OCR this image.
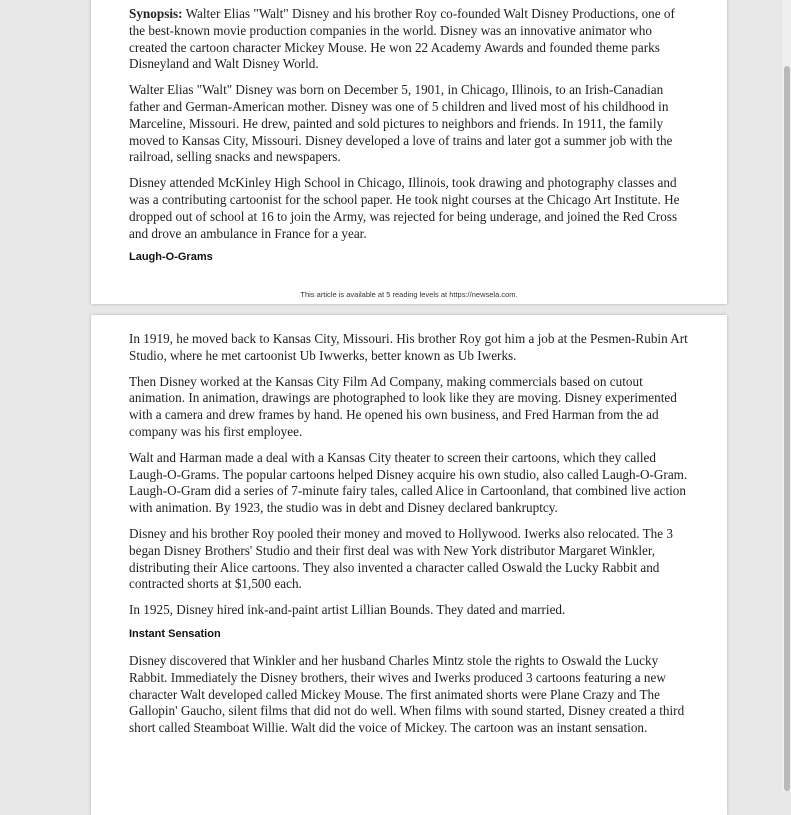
Synopsis: Walter Elias "Walt" Disney and his brother Roy co-founded Walt Disney Productions, one of the best-known movie production companies in the world. Disney was an innovative animator who created the cartoon character Mickey Mouse. He won 22 Academy Awards and founded theme parks Disneyland and Walt Disney World.

Walter Elias "Walt" Disney was born on December 5, 1901, in Chicago, Illinois, to an Irish-Canadian father and German-American mother. Disney was one of 5 children and lived most of his childhood in Marceline, Missouri. He drew, painted and sold pictures to neighbors and friends. In 1911, the family moved to Kansas City, Missouri. Disney developed a love of trains and later got a summer job with the railroad, selling snacks and newspapers.

Disney attended McKinley High School in Chicago, Illinois, took drawing and photography classes and was a contributing cartoonist for the school paper. He took night courses at the Chicago Art Institute. He dropped out of school at 16 to join the Army, was rejected for being underage, and joined the Red Cross and drove an ambulance in France for a year.

Laugh-O-Grams
This article is available at 5 reading levels at https://newsela.com.

In 1919, he moved back to Kansas City, Missouri. His brother Roy got him a job at the Pesmen-Rubin Art Studio, where he met cartoonist Ub Iwwerks, better known as Ub Iwerks.

Then Disney worked at the Kansas City Film Ad Company, making commercials based on cutout animation. In animation, drawings are photographed to look like they are moving. Disney experimented with a camera and drew frames by hand. He opened his own business, and Fred Harman from the ad company was his first employee.

Walt and Harman made a deal with a Kansas City theater to screen their cartoons, which they called Laugh-O-Grams. The popular cartoons helped Disney acquire his own studio, also called Laugh-O-Gram. Laugh-O-Gram did a series of 7-minute fairy tales, called Alice in Cartoonland, that combined live action with animation. By 1923, the studio was in debt and Disney declared bankruptcy.

Disney and his brother Roy pooled their money and moved to Hollywood. Iwerks also relocated. The 3 began Disney Brothers' Studio and their first deal was with New York distributor Margaret Winkler, distributing their Alice cartoons. They also invented a character called Oswald the Lucky Rabbit and contracted shorts at $1,500 each.

In 1925, Disney hired ink-and-paint artist Lillian Bounds. They dated and married.

Instant Sensation

Disney discovered that Winkler and her husband Charles Mintz stole the rights to Oswald the Lucky Rabbit. Immediately the Disney brothers, their wives and Iwerks produced 3 cartoons featuring a new character Walt developed called Mickey Mouse. The first animated shorts were Plane Crazy and The Gallopin' Gaucho, silent films that did not do well. When films with sound started, Disney created a third short called Steamboat Willie. Walt did the voice of Mickey. The cartoon was an instant sensation.
